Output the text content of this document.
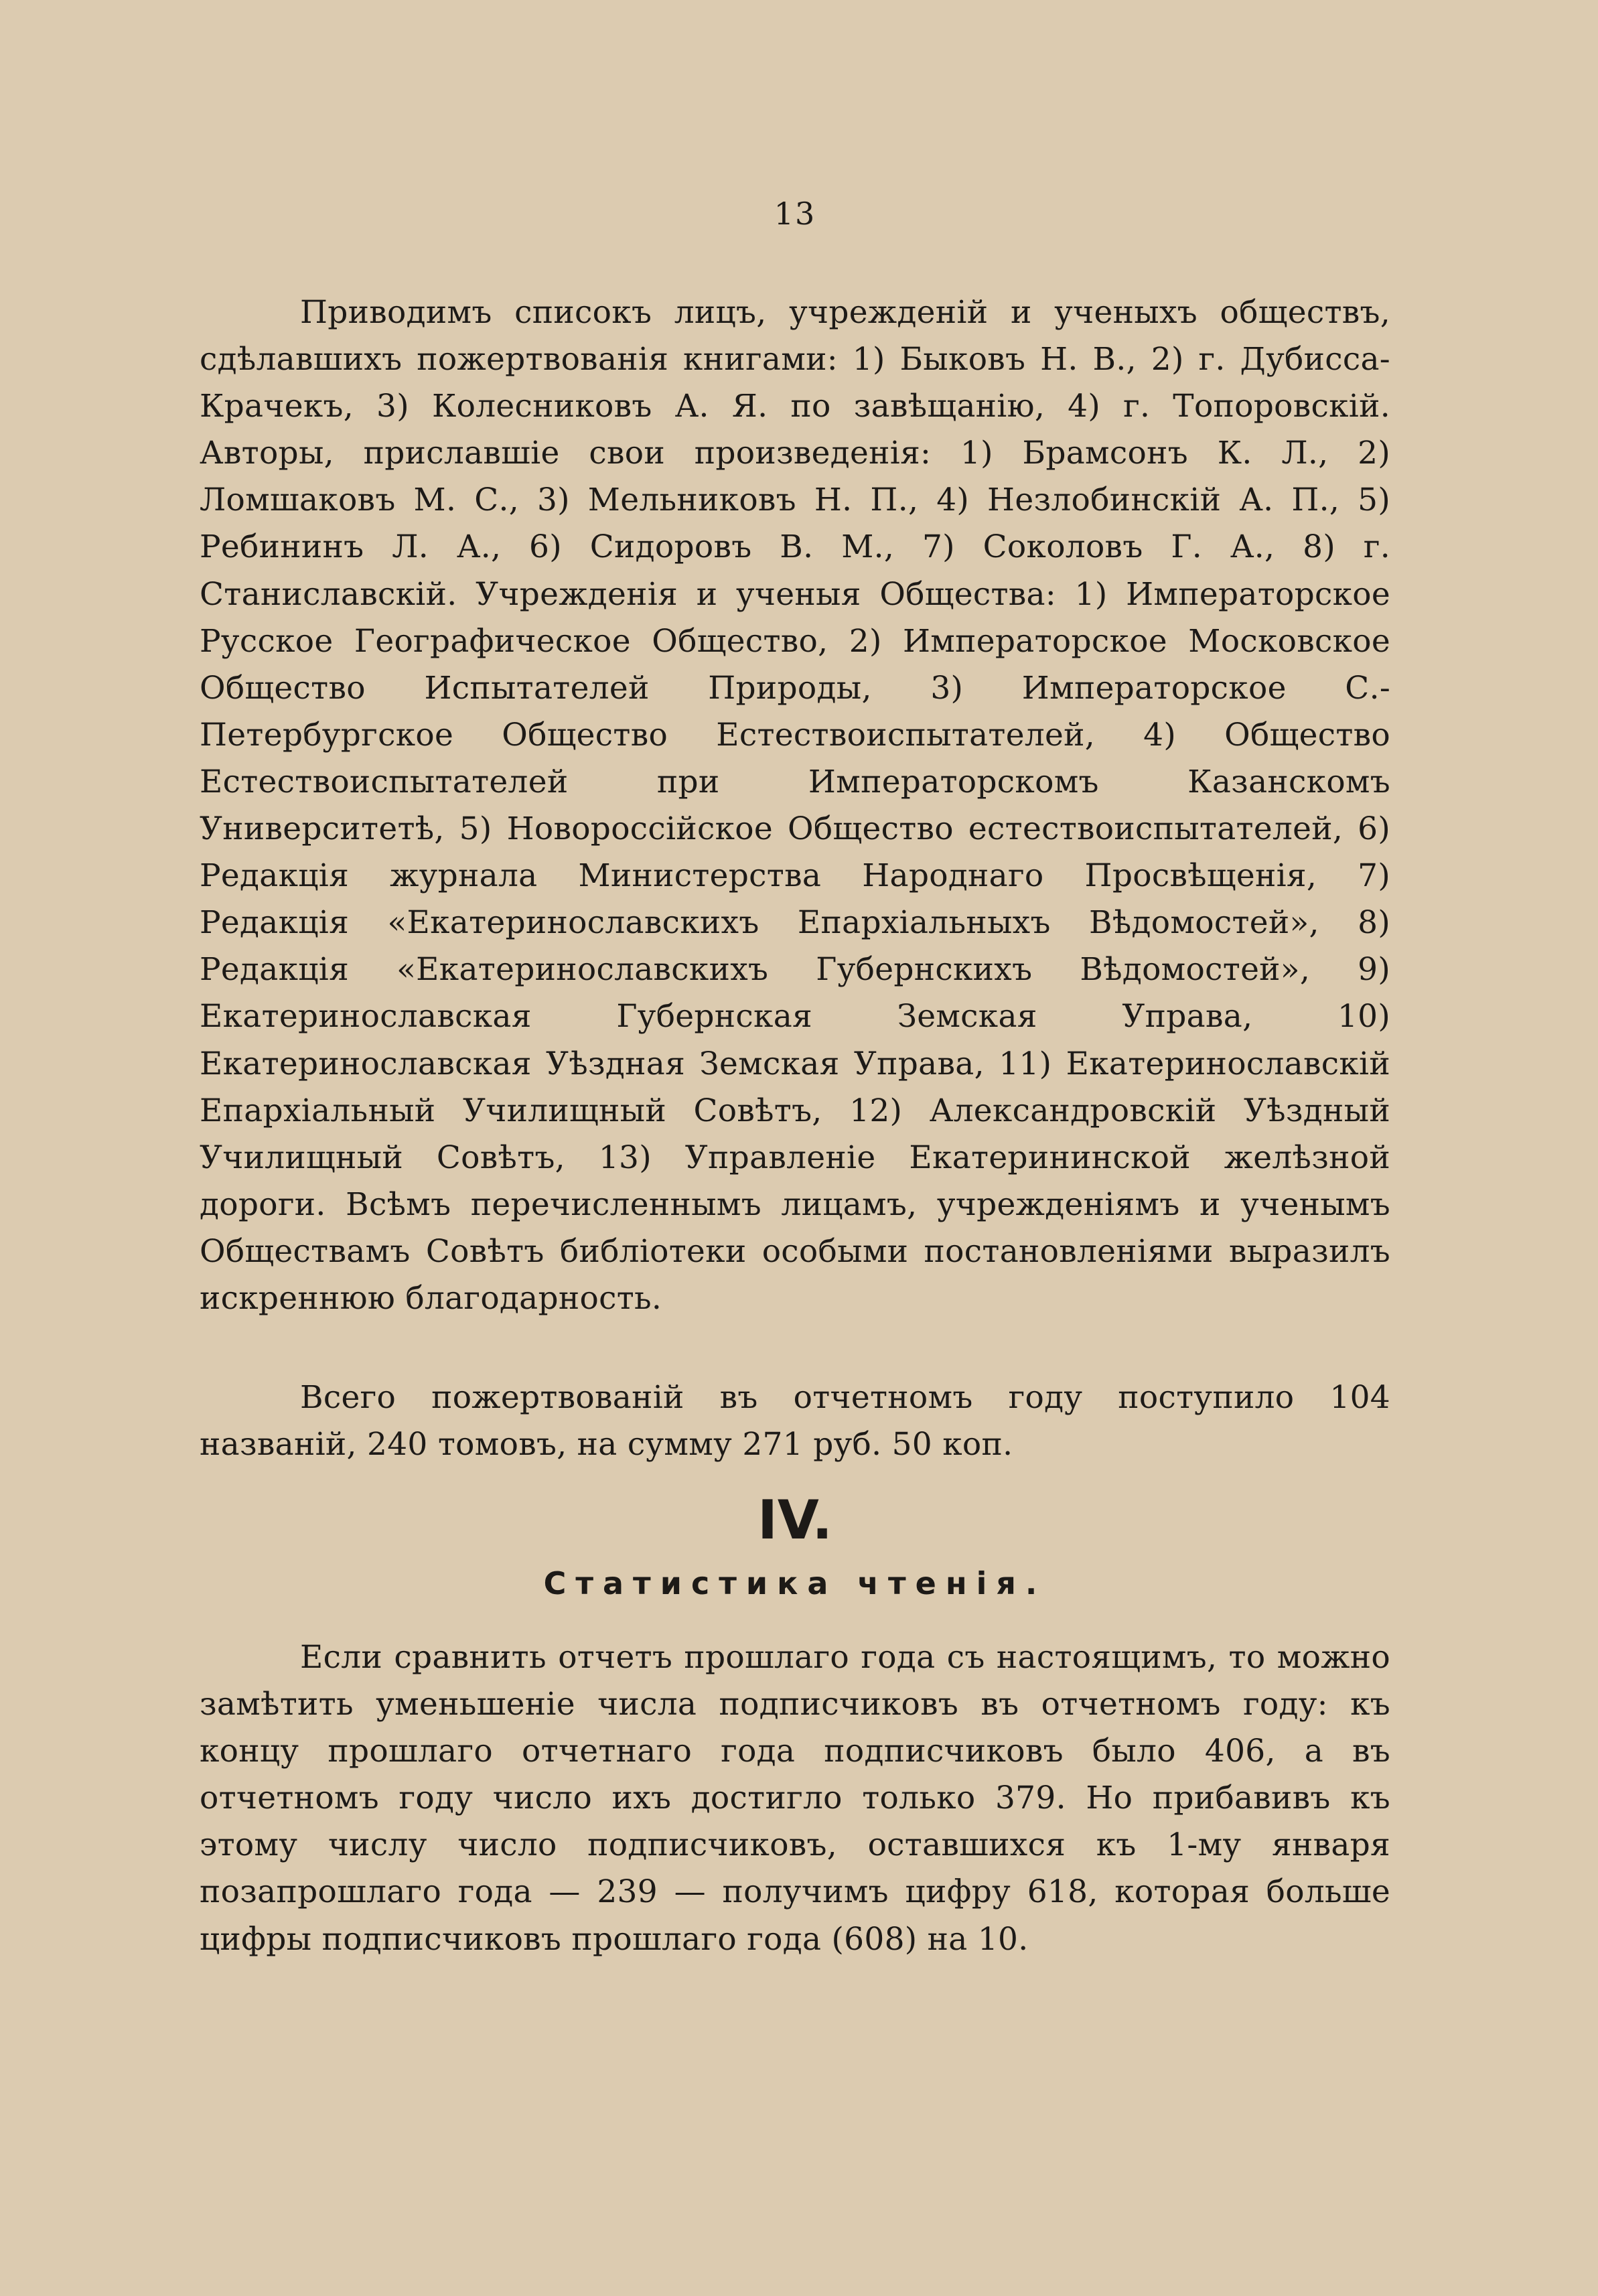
13

Приводимъ списокъ лицъ, учрежденій и ученыхъ обществъ, сдѣлавшихъ пожертвованія книгами: 1) Быковъ Н. В., 2) г. Дубисса-Крачекъ, 3) Колесниковъ А. Я. по завѣщанію, 4) г. Топоровскій. Авторы, приславшіе свои произведенія: 1) Брамсонъ К. Л., 2) Ломшаковъ М. С., 3) Мельниковъ Н. П., 4) Незлобинскій А. П., 5) Ребининъ Л. А., 6) Сидоровъ В. М., 7) Соколовъ Г. А., 8) г. Станиславскій. Учрежденія и ученыя Общества: 1) Императорское Русское Географическое Общество, 2) Императорское Московское Общество Испытателей Природы, 3) Императорское С.-Петербургское Общество Естествоиспытателей, 4) Общество Естествоиспытателей при Императорскомъ Казанскомъ Университетѣ, 5) Новороссійское Общество естествоиспытателей, 6) Редакція журнала Министерства Народнаго Просвѣщенія, 7) Редакція «Екатеринославскихъ Епархіальныхъ Вѣдомостей», 8) Редакція «Екатеринославскихъ Губернскихъ Вѣдомостей», 9) Екатеринославская Губернская Земская Управа, 10) Екатеринославская Уѣздная Земская Управа, 11) Екатеринославскій Епархіальный Училищный Совѣтъ, 12) Александровскій Уѣздный Училищный Совѣтъ, 13) Управленіе Екатерининской желѣзной дороги. Всѣмъ перечисленнымъ лицамъ, учрежденіямъ и ученымъ Обществамъ Совѣтъ библіотеки особыми постановленіями выразилъ искреннюю благодарность.

Всего пожертвованій въ отчетномъ году поступило 104 названій, 240 томовъ, на сумму 271 руб. 50 коп.

IV.
Статистика чтенія.

Если сравнить отчетъ прошлаго года съ настоящимъ, то можно замѣтить уменьшеніе числа подписчиковъ въ отчетномъ году: къ концу прошлаго отчетнаго года подписчиковъ было 406, а въ отчетномъ году число ихъ достигло только 379. Но прибавивъ къ этому числу число подписчиковъ, оставшихся къ 1-му января позапрошлаго года — 239 — получимъ цифру 618, которая больше цифры подписчиковъ прошлаго года (608) на 10.
